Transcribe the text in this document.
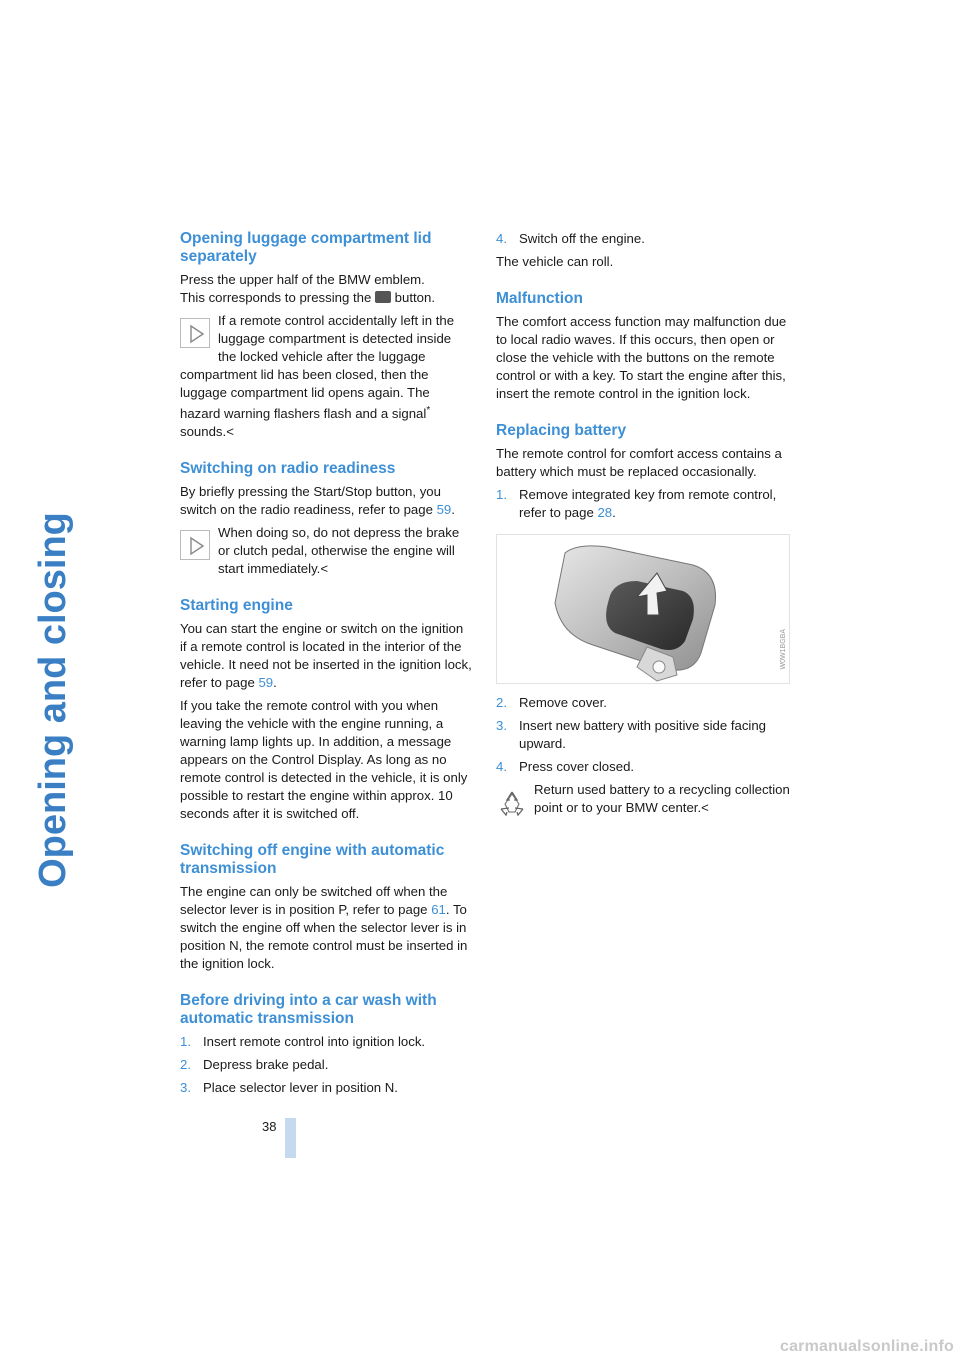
Opening and closing
Opening luggage compartment lid separately

Press the upper half of the BMW emblem.
This corresponds to pressing the button.

If a remote control accidentally left in the luggage compartment is detected inside the locked vehicle after the luggage compartment lid has been closed, then the luggage compartment lid opens again. The hazard warning flashers flash and a signal* sounds.<
Switching on radio readiness

By briefly pressing the Start/Stop button, you switch on the radio readiness, refer to page 59.

When doing so, do not depress the brake or clutch pedal, otherwise the engine will start immediately.<
Starting engine

You can start the engine or switch on the ignition if a remote control is located in the interior of the vehicle. It need not be inserted in the ignition lock, refer to page 59.

If you take the remote control with you when leaving the vehicle with the engine running, a warning lamp lights up. In addition, a message appears on the Control Display. As long as no remote control is detected in the vehicle, it is only possible to restart the engine within approx. 10 seconds after it is switched off.

Switching off engine with automatic transmission

The engine can only be switched off when the selector lever is in position P, refer to page 61. To switch the engine off when the selector lever is in position N, the remote control must be inserted in the ignition lock.

Before driving into a car wash with automatic transmission
1. Insert remote control into ignition lock.
2. Depress brake pedal.
3. Place selector lever in position N.
4. Switch off the engine.

The vehicle can roll.

Malfunction

The comfort access function may malfunction due to local radio waves. If this occurs, then open or close the vehicle with the buttons on the remote control or with a key. To start the engine after this, insert the remote control in the ignition lock.

Replacing battery

The remote control for comfort access contains a battery which must be replaced occasionally.

1. Remove integrated key from remote control, refer to page 28.
W0W1BGBA
2. Remove cover.
3. Insert new battery with positive side facing upward.
4. Press cover closed.
Return used battery to a recycling collection point or to your BMW center.<
38
carmanualsonline.info
